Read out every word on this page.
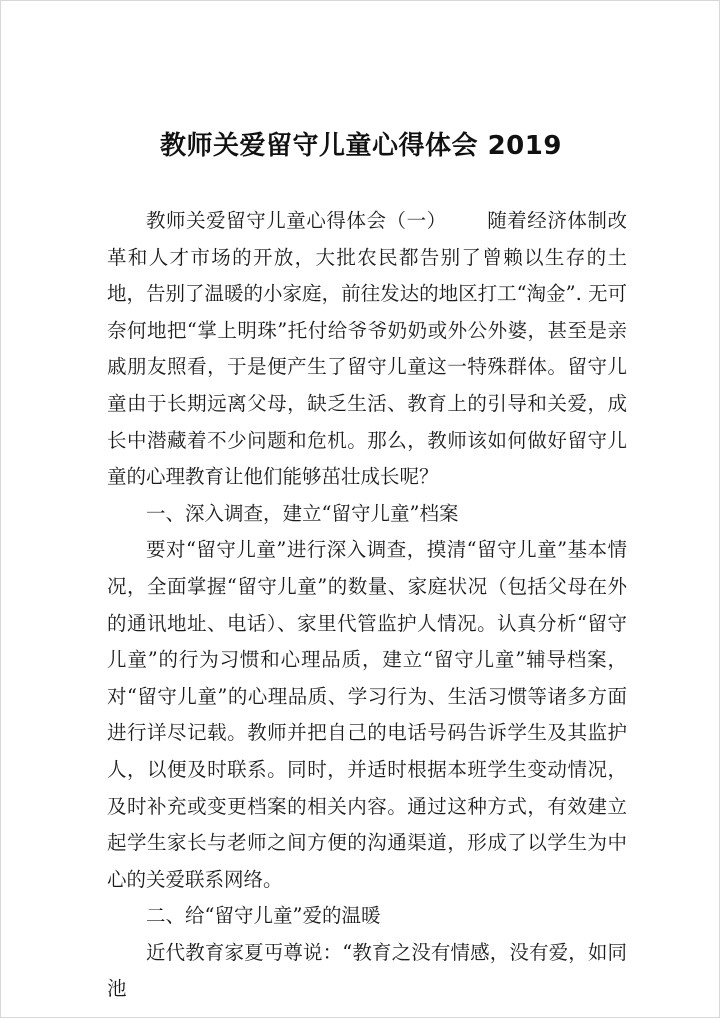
教师关爱留守儿童心得体会 2019

教师关爱留守儿童心得体会（一） 随着经济体制改革和人才市场的开放，大批农民都告别了曾赖以生存的土地，告别了温暖的小家庭，前往发达的地区打工“淘金”. 无可奈何地把“掌上明珠”托付给爷爷奶奶或外公外婆，甚至是亲戚朋友照看，于是便产生了留守儿童这一特殊群体。留守儿童由于长期远离父母，缺乏生活、教育上的引导和关爱，成长中潜藏着不少问题和危机。那么，教师该如何做好留守儿童的心理教育让他们能够茁壮成长呢？

一、深入调查，建立“留守儿童”档案

要对“留守儿童”进行深入调查，摸清“留守儿童”基本情况，全面掌握“留守儿童”的数量、家庭状况（包括父母在外的通讯地址、电话）、家里代管监护人情况。认真分析“留守儿童”的行为习惯和心理品质，建立“留守儿童”辅导档案，对“留守儿童”的心理品质、学习行为、生活习惯等诸多方面进行详尽记载。教师并把自己的电话号码告诉学生及其监护人，以便及时联系。同时，并适时根据本班学生变动情况，及时补充或变更档案的相关内容。通过这种方式，有效建立起学生家长与老师之间方便的沟通渠道，形成了以学生为中心的关爱联系网络。

二、给“留守儿童”爱的温暖

近代教育家夏丏尊说：“教育之没有情感，没有爱，如同池
